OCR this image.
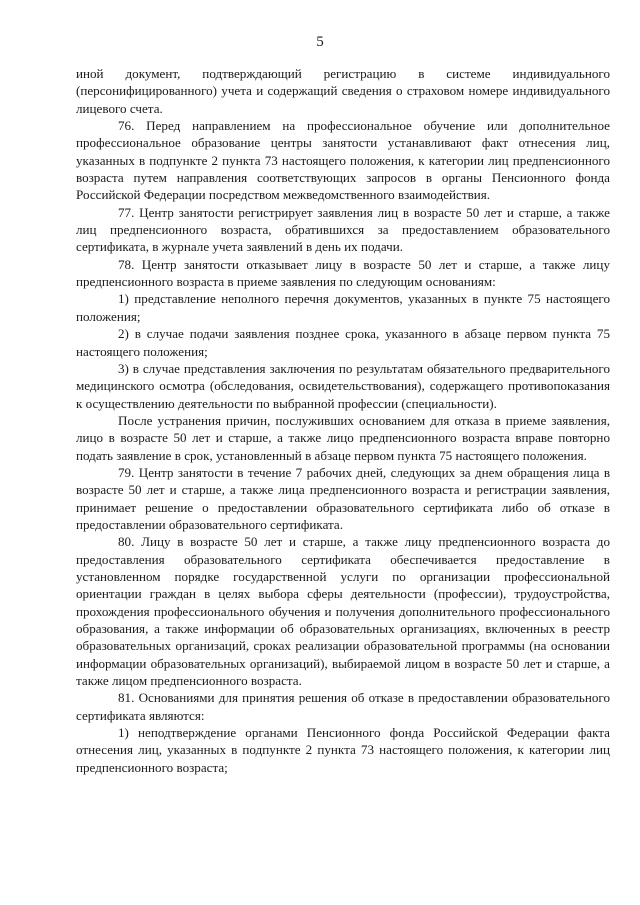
5

иной документ, подтверждающий регистрацию в системе индивидуального (персонифицированного) учета и содержащий сведения о страховом номере индивидуального лицевого счета.

76. Перед направлением на профессиональное обучение или дополнительное профессиональное образование центры занятости устанавливают факт отнесения лиц, указанных в подпункте 2 пункта 73 настоящего положения, к категории лиц предпенсионного возраста путем направления соответствующих запросов в органы Пенсионного фонда Российской Федерации посредством межведомственного взаимодействия.

77. Центр занятости регистрирует заявления лиц в возрасте 50 лет и старше, а также лиц предпенсионного возраста, обратившихся за предоставлением образовательного сертификата, в журнале учета заявлений в день их подачи.

78. Центр занятости отказывает лицу в возрасте 50 лет и старше, а также лицу предпенсионного возраста в приеме заявления по следующим основаниям:

1) представление неполного перечня документов, указанных в пункте 75 настоящего положения;

2) в случае подачи заявления позднее срока, указанного в абзаце первом пункта 75 настоящего положения;

3) в случае представления заключения по результатам обязательного предварительного медицинского осмотра (обследования, освидетельствования), содержащего противопоказания к осуществлению деятельности по выбранной профессии (специальности).

После устранения причин, послуживших основанием для отказа в приеме заявления, лицо в возрасте 50 лет и старше, а также лицо предпенсионного возраста вправе повторно подать заявление в срок, установленный в абзаце первом пункта 75 настоящего положения.

79. Центр занятости в течение 7 рабочих дней, следующих за днем обращения лица в возрасте 50 лет и старше, а также лица предпенсионного возраста и регистрации заявления, принимает решение о предоставлении образовательного сертификата либо об отказе в предоставлении образовательного сертификата.

80. Лицу в возрасте 50 лет и старше, а также лицу предпенсионного возраста до предоставления образовательного сертификата обеспечивается предоставление в установленном порядке государственной услуги по организации профессиональной ориентации граждан в целях выбора сферы деятельности (профессии), трудоустройства, прохождения профессионального обучения и получения дополнительного профессионального образования, а также информации об образовательных организациях, включенных в реестр образовательных организаций, сроках реализации образовательной программы (на основании информации образовательных организаций), выбираемой лицом в возрасте 50 лет и старше, а также лицом предпенсионного возраста.

81. Основаниями для принятия решения об отказе в предоставлении образовательного сертификата являются:

1) неподтверждение органами Пенсионного фонда Российской Федерации факта отнесения лиц, указанных в подпункте 2 пункта 73 настоящего положения, к категории лиц предпенсионного возраста;
